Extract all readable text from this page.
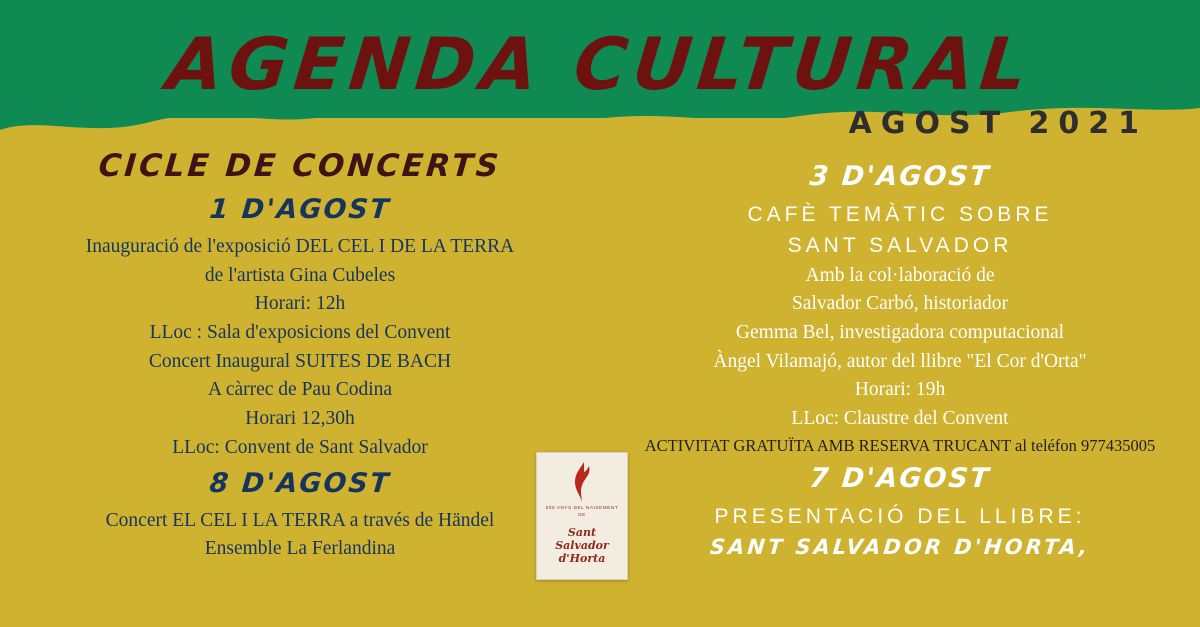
AGENDA CULTURAL
AGOST 2021
CICLE DE CONCERTS
1 D'AGOST
Inauguració de l'exposició DEL CEL I DE LA TERRA
de l'artista Gina Cubeles
Horari: 12h
LLoc : Sala d'exposicions del Convent
Concert Inaugural SUITES DE BACH
A càrrec de Pau Codina
Horari 12,30h
LLoc: Convent de Sant Salvador
8 D'AGOST
Concert EL CEL I LA TERRA a través de Händel
Ensemble La Ferlandina
3 D'AGOST
CAFÈ TEMÀTIC SOBRE
SANT SALVADOR
Amb la col·laboració de
Salvador Carbó, historiador
Gemma Bel, investigadora computacional
Àngel Vilamajó, autor del llibre "El Cor d'Orta"
Horari: 19h
LLoc: Claustre del Convent
ACTIVITAT GRATUÏTA AMB RESERVA TRUCANT al teléfon 977435005
7 D'AGOST
PRESENTACIÓ DEL LLIBRE:
SANT SALVADOR D'HORTA,
500 ANYS DEL NAIXEMENT DE
Sant
Salvador
d'Horta
